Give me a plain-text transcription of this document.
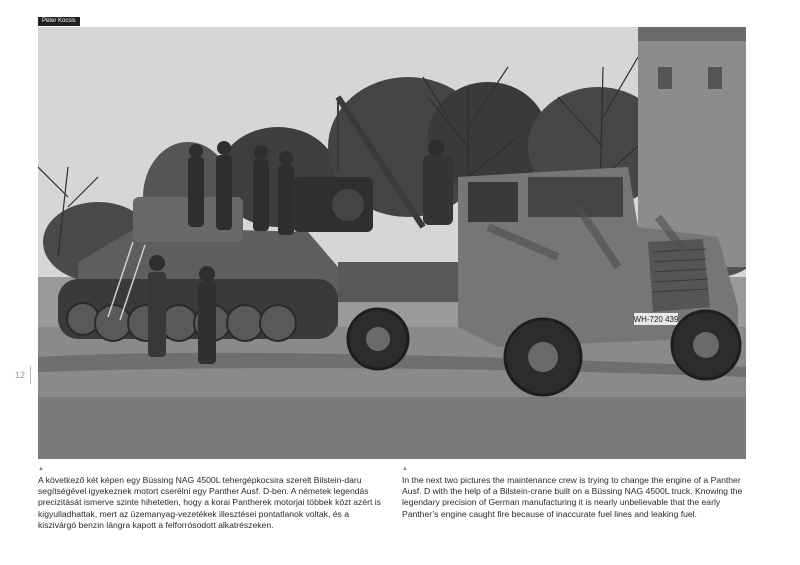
Péter Kocsis
WH-720 439
12
▲
A következő két képen egy Büssing NAG 4500L tehergépkocsira szerelt Bilstein-daru segítségével igyekeznek motort cserélni egy Panther Ausf. D-ben. A németek legendás precizitását ismerve szinte hihetetlen, hogy a korai Pantherek motorjai többek közt azért is kigyulladhattak, mert az üzemanyag-vezetékek illesztései pontatlanok voltak, és a kiszivárgó benzin lángra kapott a felforrósodott alkatrészeken.
▲
In the next two pictures the maintenance crew is trying to change the engine of a Panther Ausf. D with the help of a Bilstein-crane built on a Büssing NAG 4500L truck. Knowing the legendary precision of German manufacturing it is nearly unbelievable that the early Panther’s engine caught fire because of inaccurate fuel lines and leaking fuel.
